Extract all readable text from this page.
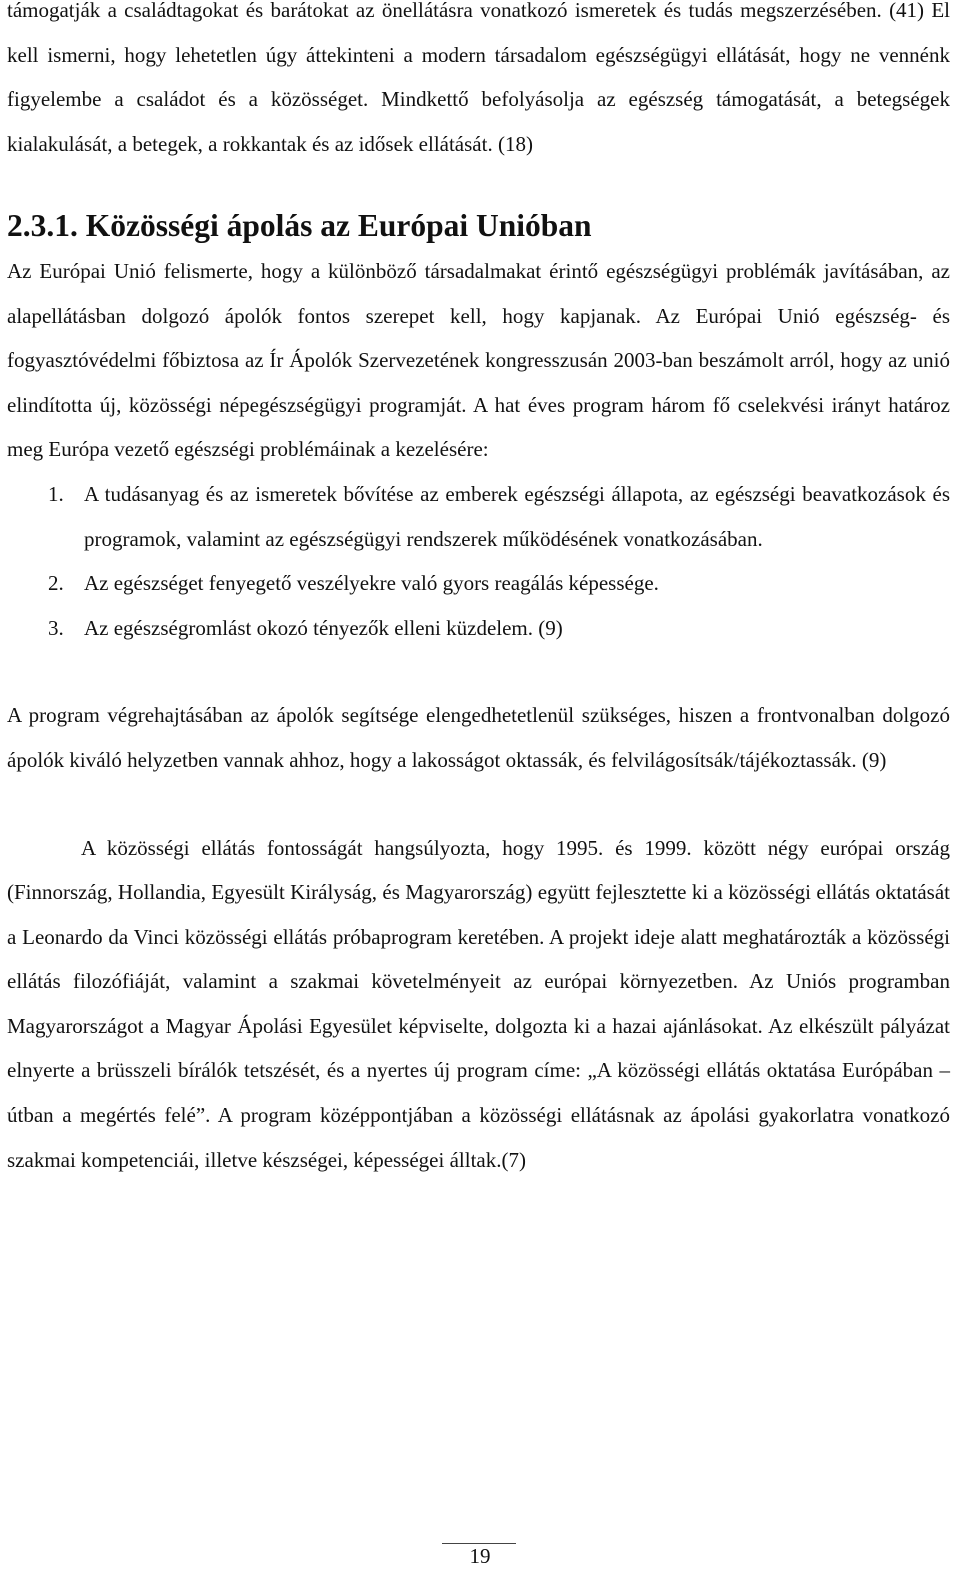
támogatják a családtagokat és barátokat az önellátásra vonatkozó ismeretek és tudás megszerzésében. (41) El kell ismerni, hogy lehetetlen úgy áttekinteni a modern társadalom egészségügyi ellátását, hogy ne vennénk figyelembe a családot és a közösséget. Mindkettő befolyásolja az egészség támogatását, a betegségek kialakulását, a betegek, a rokkantak és az idősek ellátását. (18)

2.3.1. Közösségi ápolás az Európai Unióban

Az Európai Unió felismerte, hogy a különböző társadalmakat érintő egészségügyi problémák javításában, az alapellátásban dolgozó ápolók fontos szerepet kell, hogy kapjanak. Az Európai Unió egészség- és fogyasztóvédelmi főbiztosa az Ír Ápolók Szervezetének kongresszusán 2003-ban beszámolt arról, hogy az unió elindította új, közösségi népegészségügyi programját. A hat éves program három fő cselekvési irányt határoz meg Európa vezető egészségi problémáinak a kezelésére:

1. A tudásanyag és az ismeretek bővítése az emberek egészségi állapota, az egészségi beavatkozások és programok, valamint az egészségügyi rendszerek működésének vonatkozásában.
2. Az egészséget fenyegető veszélyekre való gyors reagálás képessége.
3. Az egészségromlást okozó tényezők elleni küzdelem. (9)

A program végrehajtásában az ápolók segítsége elengedhetetlenül szükséges, hiszen a frontvonalban dolgozó ápolók kiváló helyzetben vannak ahhoz, hogy a lakosságot oktassák, és felvilágosítsák/tájékoztassák. (9)

A közösségi ellátás fontosságát hangsúlyozta, hogy 1995. és 1999. között négy európai ország (Finnország, Hollandia, Egyesült Királyság, és Magyarország) együtt fejlesztette ki a közösségi ellátás oktatását a Leonardo da Vinci közösségi ellátás próbaprogram keretében. A projekt ideje alatt meghatározták a közösségi ellátás filozófiáját, valamint a szakmai követelményeit az európai környezetben. Az Uniós programban Magyarországot a Magyar Ápolási Egyesület képviselte, dolgozta ki a hazai ajánlásokat. Az elkészült pályázat elnyerte a brüsszeli bírálók tetszését, és a nyertes új program címe: „A közösségi ellátás oktatása Európában – útban a megértés felé”. A program középpontjában a közösségi ellátásnak az ápolási gyakorlatra vonatkozó szakmai kompetenciái, illetve készségei, képességei álltak.(7)

19
